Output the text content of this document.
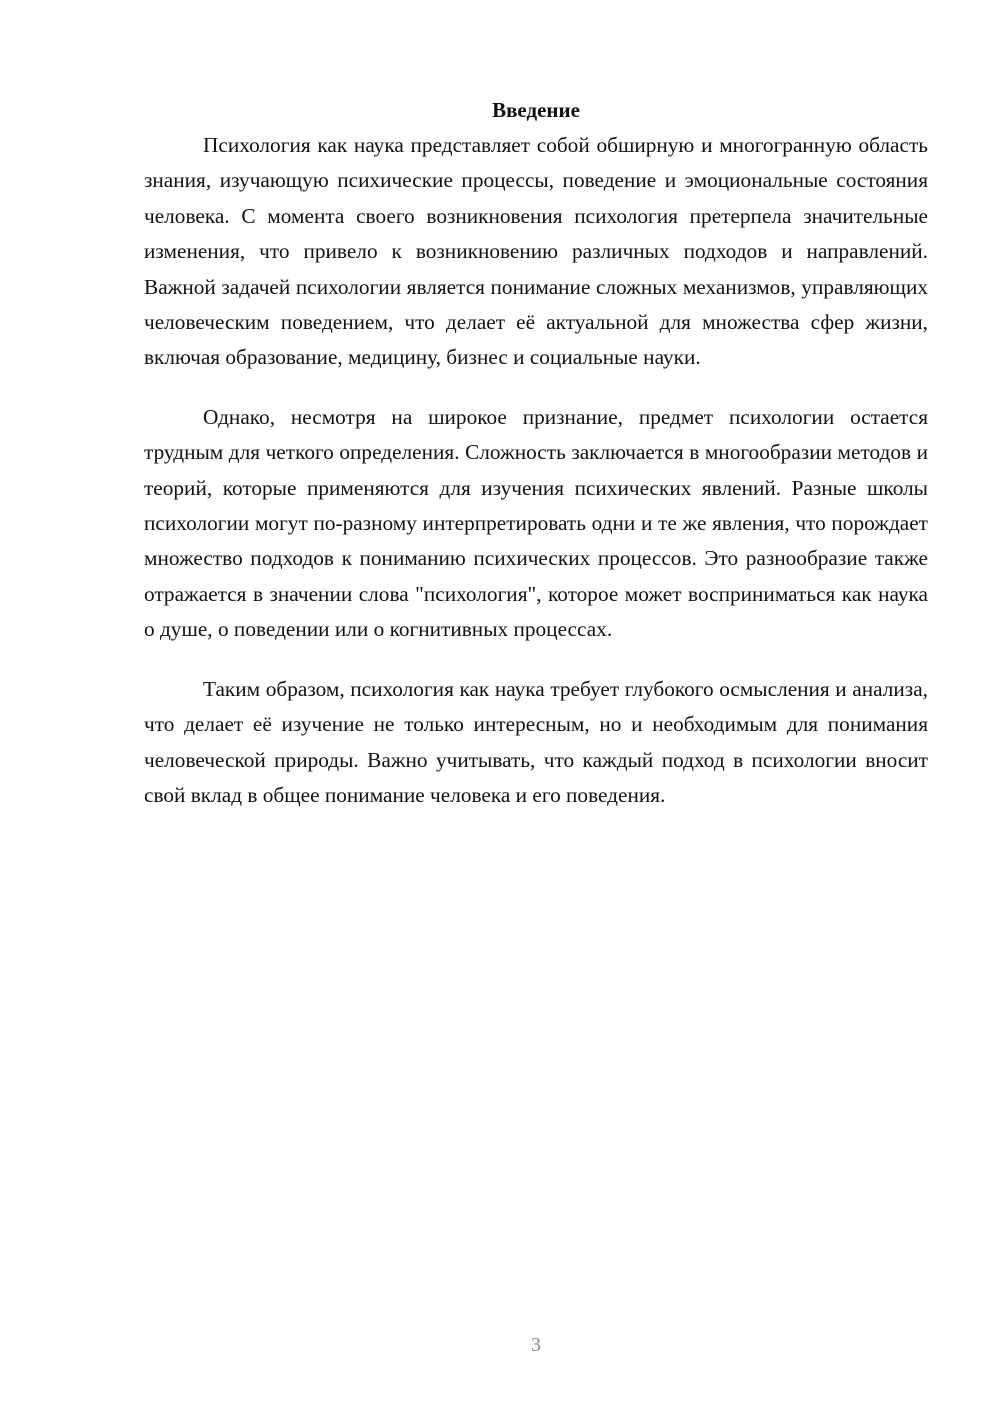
Введение

Психология как наука представляет собой обширную и многогранную область знания, изучающую психические процессы, поведение и эмоциональные состояния человека. С момента своего возникновения психология претерпела значительные изменения, что привело к возникновению различных подходов и направлений. Важной задачей психологии является понимание сложных механизмов, управляющих человеческим поведением, что делает её актуальной для множества сфер жизни, включая образование, медицину, бизнес и социальные науки.

Однако, несмотря на широкое признание, предмет психологии остается трудным для четкого определения. Сложность заключается в многообразии методов и теорий, которые применяются для изучения психических явлений. Разные школы психологии могут по-разному интерпретировать одни и те же явления, что порождает множество подходов к пониманию психических процессов. Это разнообразие также отражается в значении слова "психология", которое может восприниматься как наука о душе, о поведении или о когнитивных процессах.

Таким образом, психология как наука требует глубокого осмысления и анализа, что делает её изучение не только интересным, но и необходимым для понимания человеческой природы. Важно учитывать, что каждый подход в психологии вносит свой вклад в общее понимание человека и его поведения.

3
